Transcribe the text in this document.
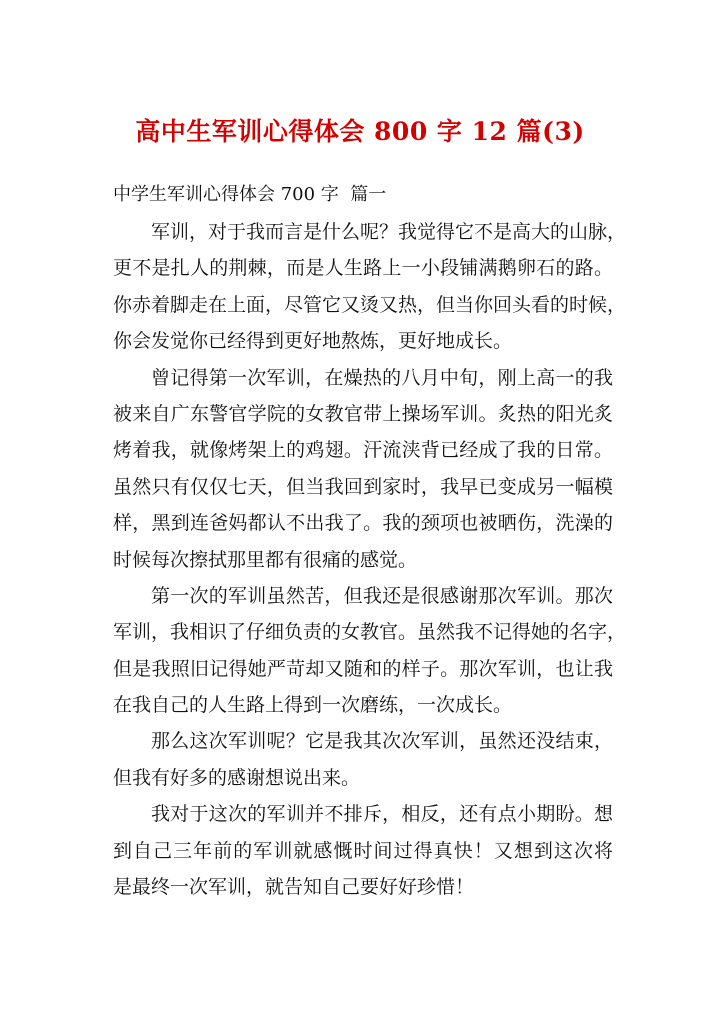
高中生军训心得体会 800 字 12 篇(3)
中学生军训心得体会 700 字  篇一
军训，对于我而言是什么呢？我觉得它不是高大的山脉，
更不是扎人的荆棘，而是人生路上一小段铺满鹅卵石的路。
你赤着脚走在上面，尽管它又烫又热，但当你回头看的时候，
你会发觉你已经得到更好地熬炼，更好地成长。
曾记得第一次军训，在燥热的八月中旬，刚上高一的我
被来自广东警官学院的女教官带上操场军训。炙热的阳光炙
烤着我，就像烤架上的鸡翅。汗流浃背已经成了我的日常。
虽然只有仅仅七天，但当我回到家时，我早已变成另一幅模
样，黑到连爸妈都认不出我了。我的颈项也被晒伤，洗澡的
时候每次擦拭那里都有很痛的感觉。
第一次的军训虽然苦，但我还是很感谢那次军训。那次
军训，我相识了仔细负责的女教官。虽然我不记得她的名字，
但是我照旧记得她严苛却又随和的样子。那次军训，也让我
在我自己的人生路上得到一次磨练，一次成长。
那么这次军训呢？它是我其次次军训，虽然还没结束，
但我有好多的感谢想说出来。
我对于这次的军训并不排斥，相反，还有点小期盼。想
到自己三年前的军训就感慨时间过得真快！又想到这次将
是最终一次军训，就告知自己要好好珍惜！
